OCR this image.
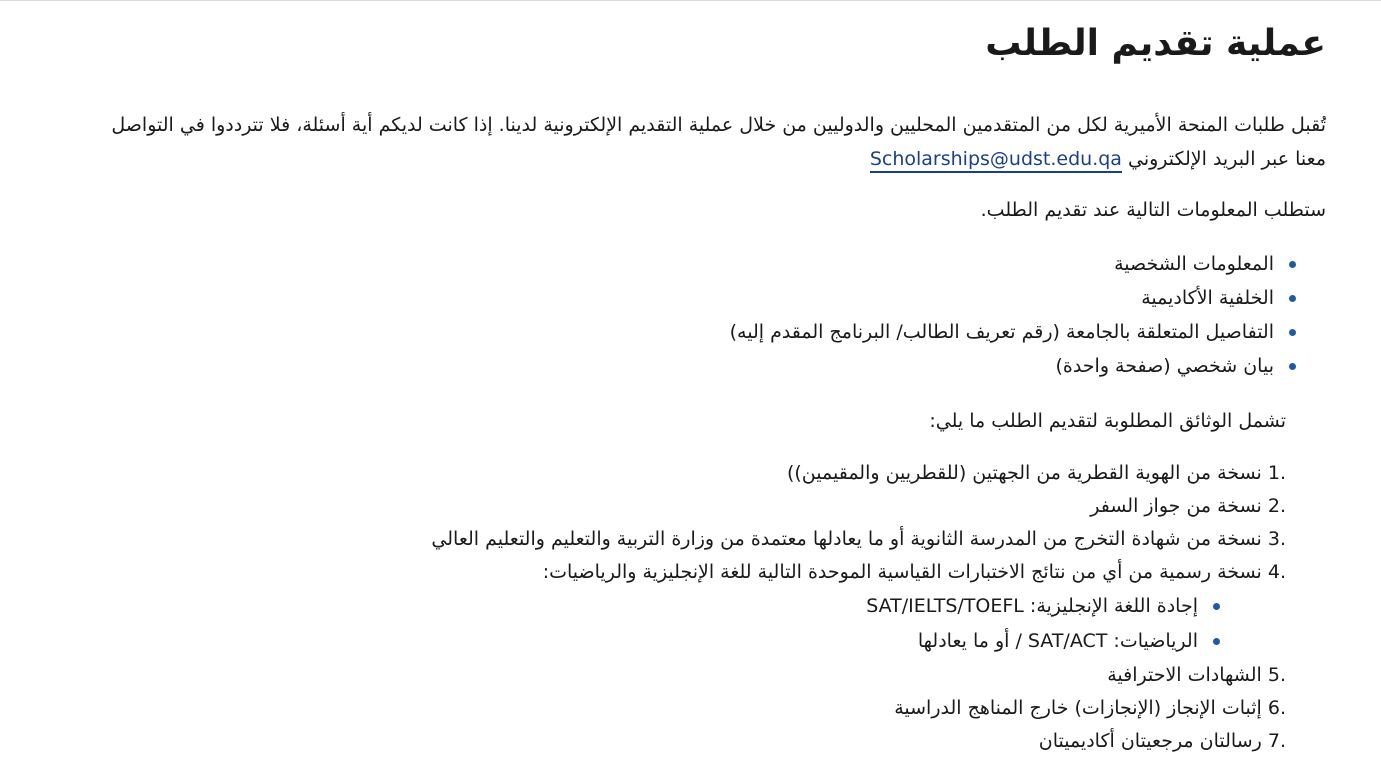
عملية تقديم الطلب

تُقبل طلبات المنحة الأميرية لكل من المتقدمين المحليين والدوليين من خلال عملية التقديم الإلكترونية لدينا. إذا كانت لديكم أية أسئلة، فلا تترددوا في التواصل معنا عبر البريد الإلكتروني Scholarships@udst.edu.qa

ستطلب المعلومات التالية عند تقديم الطلب.

المعلومات الشخصية
الخلفية الأكاديمية
التفاصيل المتعلقة بالجامعة (رقم تعريف الطالب/ البرنامج المقدم إليه)
بيان شخصي (صفحة واحدة)

تشمل الوثائق المطلوبة لتقديم الطلب ما يلي:

1. نسخة من الهوية القطرية من الجهتين (للقطريين والمقيمين))
2. نسخة من جواز السفر
3. نسخة من شهادة التخرج من المدرسة الثانوية أو ما يعادلها معتمدة من وزارة التربية والتعليم والتعليم العالي
4. نسخة رسمية من أي من نتائج الاختبارات القياسية الموحدة التالية للغة الإنجليزية والرياضيات:
إجادة اللغة الإنجليزية: SAT/IELTS/TOEFL
الرياضيات: SAT/ACT / أو ما يعادلها
5. الشهادات الاحترافية
6. إثبات الإنجاز (الإنجازات) خارج المناهج الدراسية
7. رسالتان مرجعيتان أكاديميتان
